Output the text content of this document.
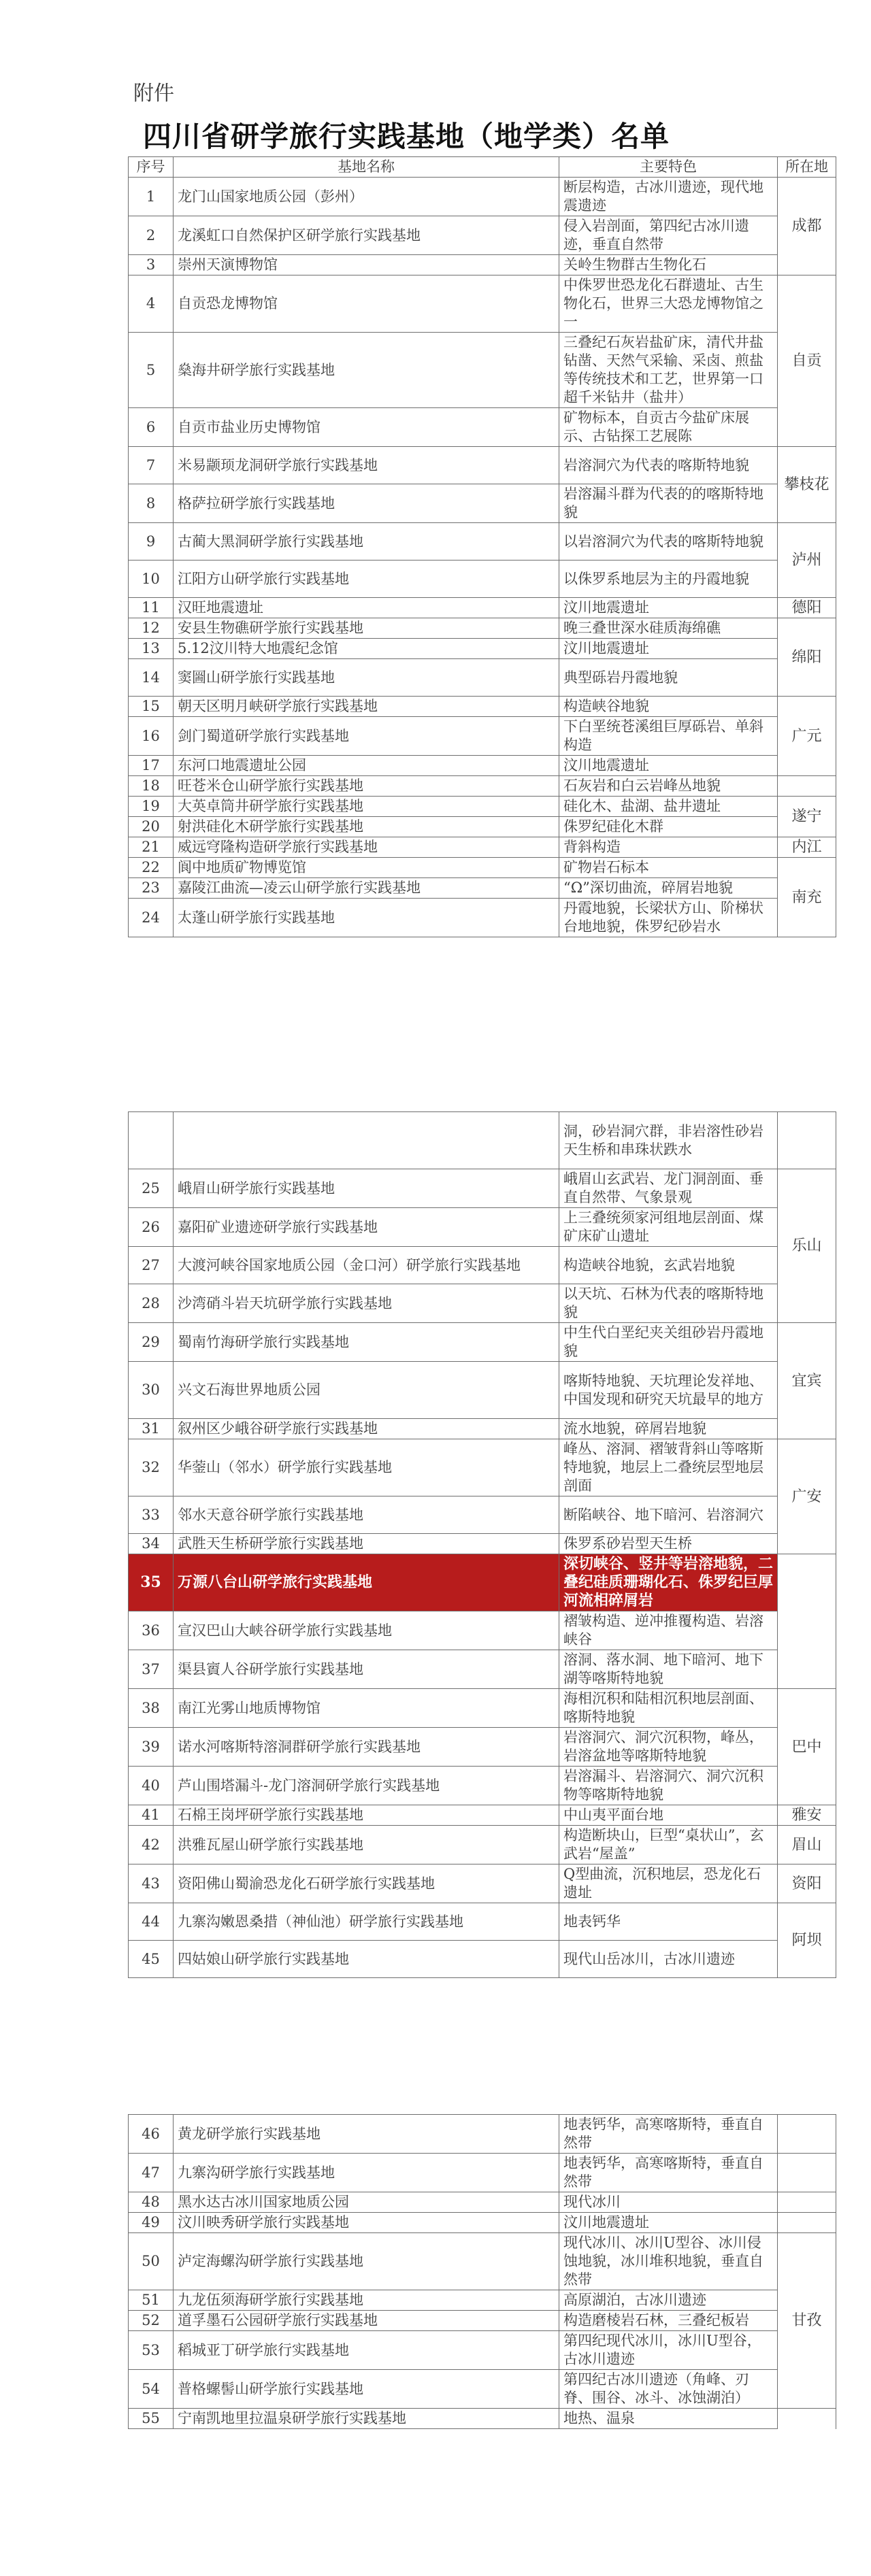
附件
四川省研学旅行实践基地（地学类）名单
序号	基地名称	主要特色	所在地
1	龙门山国家地质公园（彭州）	断层构造，古冰川遗迹，现代地震遗迹	成都
2	龙溪虹口自然保护区研学旅行实践基地	侵入岩剖面，第四纪古冰川遗迹，垂直自然带	
3	崇州天演博物馆	关岭生物群古生物化石	
4	自贡恐龙博物馆	中侏罗世恐龙化石群遗址、古生物化石，世界三大恐龙博物馆之一	自贡
5	燊海井研学旅行实践基地	三叠纪石灰岩盐矿床，清代井盐钻凿、天然气采输、采卤、煎盐等传统技术和工艺，世界第一口超千米钻井（盐井）	
6	自贡市盐业历史博物馆	矿物标本，自贡古今盐矿床展示、古钻探工艺展陈	
7	米易颛顼龙洞研学旅行实践基地	岩溶洞穴为代表的喀斯特地貌	攀枝花
8	格萨拉研学旅行实践基地	岩溶漏斗群为代表的的喀斯特地貌	
9	古蔺大黑洞研学旅行实践基地	以岩溶洞穴为代表的喀斯特地貌	泸州
10	江阳方山研学旅行实践基地	以侏罗系地层为主的丹霞地貌	
11	汉旺地震遗址	汶川地震遗址	德阳
12	安县生物礁研学旅行实践基地	晚三叠世深水硅质海绵礁	绵阳
13	5.12汶川特大地震纪念馆	汶川地震遗址	
14	窦圌山研学旅行实践基地	典型砾岩丹霞地貌	
15	朝天区明月峡研学旅行实践基地	构造峡谷地貌	广元
16	剑门蜀道研学旅行实践基地	下白垩统苍溪组巨厚砾岩、单斜构造	
17	东河口地震遗址公园	汶川地震遗址	
18	旺苍米仓山研学旅行实践基地	石灰岩和白云岩峰丛地貌	
19	大英卓筒井研学旅行实践基地	硅化木、盐湖、盐井遗址	遂宁
20	射洪硅化木研学旅行实践基地	侏罗纪硅化木群	
21	威远穹隆构造研学旅行实践基地	背斜构造	内江
22	阆中地质矿物博览馆	矿物岩石标本	南充
23	嘉陵江曲流—凌云山研学旅行实践基地	“Ω”深切曲流，碎屑岩地貌	
24	太蓬山研学旅行实践基地	丹霞地貌，长梁状方山、阶梯状台地地貌，侏罗纪砂岩水	
		洞，砂岩洞穴群，非岩溶性砂岩天生桥和串珠状跌水	
25	峨眉山研学旅行实践基地	峨眉山玄武岩、龙门洞剖面、垂直自然带、气象景观	乐山
26	嘉阳矿业遗迹研学旅行实践基地	上三叠统须家河组地层剖面、煤矿床矿山遗址	
27	大渡河峡谷国家地质公园（金口河）研学旅行实践基地	构造峡谷地貌，玄武岩地貌	
28	沙湾硝斗岩天坑研学旅行实践基地	以天坑、石林为代表的喀斯特地貌	
29	蜀南竹海研学旅行实践基地	中生代白垩纪夹关组砂岩丹霞地貌	宜宾
30	兴文石海世界地质公园	喀斯特地貌、天坑理论发祥地、中国发现和研究天坑最早的地方	
31	叙州区少峨谷研学旅行实践基地	流水地貌，碎屑岩地貌	
32	华蓥山（邻水）研学旅行实践基地	峰丛、溶洞、褶皱背斜山等喀斯特地貌，地层上二叠统层型地层剖面	广安
33	邻水天意谷研学旅行实践基地	断陷峡谷、地下暗河、岩溶洞穴	
34	武胜天生桥研学旅行实践基地	侏罗系砂岩型天生桥	
35	万源八台山研学旅行实践基地	深切峡谷、竖井等岩溶地貌，二叠纪硅质珊瑚化石、侏罗纪巨厚河流相碎屑岩	达州
36	宣汉巴山大峡谷研学旅行实践基地	褶皱构造、逆冲推覆构造、岩溶峡谷	
37	渠县賨人谷研学旅行实践基地	溶洞、落水洞、地下暗河、地下湖等喀斯特地貌	
38	南江光雾山地质博物馆	海相沉积和陆相沉积地层剖面、喀斯特地貌	巴中
39	诺水河喀斯特溶洞群研学旅行实践基地	岩溶洞穴、洞穴沉积物，峰丛，岩溶盆地等喀斯特地貌	
40	芦山围塔漏斗-龙门溶洞研学旅行实践基地	岩溶漏斗、岩溶洞穴、洞穴沉积物等喀斯特地貌	
41	石棉王岗坪研学旅行实践基地	中山夷平面台地	雅安
42	洪雅瓦屋山研学旅行实践基地	构造断块山，巨型“桌状山”，玄武岩“屋盖”	眉山
43	资阳佛山蜀渝恐龙化石研学旅行实践基地	Q型曲流，沉积地层，恐龙化石遗址	资阳
44	九寨沟嫩恩桑措（神仙池）研学旅行实践基地	地表钙华	阿坝
45	四姑娘山研学旅行实践基地	现代山岳冰川，古冰川遗迹	
46	黄龙研学旅行实践基地	地表钙华，高寒喀斯特，垂直自然带		
47	九寨沟研学旅行实践基地	地表钙华，高寒喀斯特，垂直自然带		
48	黑水达古冰川国家地质公园	现代冰川		
49	汶川映秀研学旅行实践基地	汶川地震遗址		
50	泸定海螺沟研学旅行实践基地	现代冰川、冰川U型谷、冰川侵蚀地貌，冰川堆积地貌，垂直自然带	甘孜	
51	九龙伍须海研学旅行实践基地	高原湖泊，古冰川遗迹		
52	道孚墨石公园研学旅行实践基地	构造磨棱岩石林，三叠纪板岩		
53	稻城亚丁研学旅行实践基地	第四纪现代冰川，冰川U型谷，古冰川遗迹		
54	普格螺髻山研学旅行实践基地	第四纪古冰川遗迹（角峰、刃脊、围谷、冰斗、冰蚀湖泊）	
55	宁南凯地里拉温泉研学旅行实践基地	地热、温泉		
